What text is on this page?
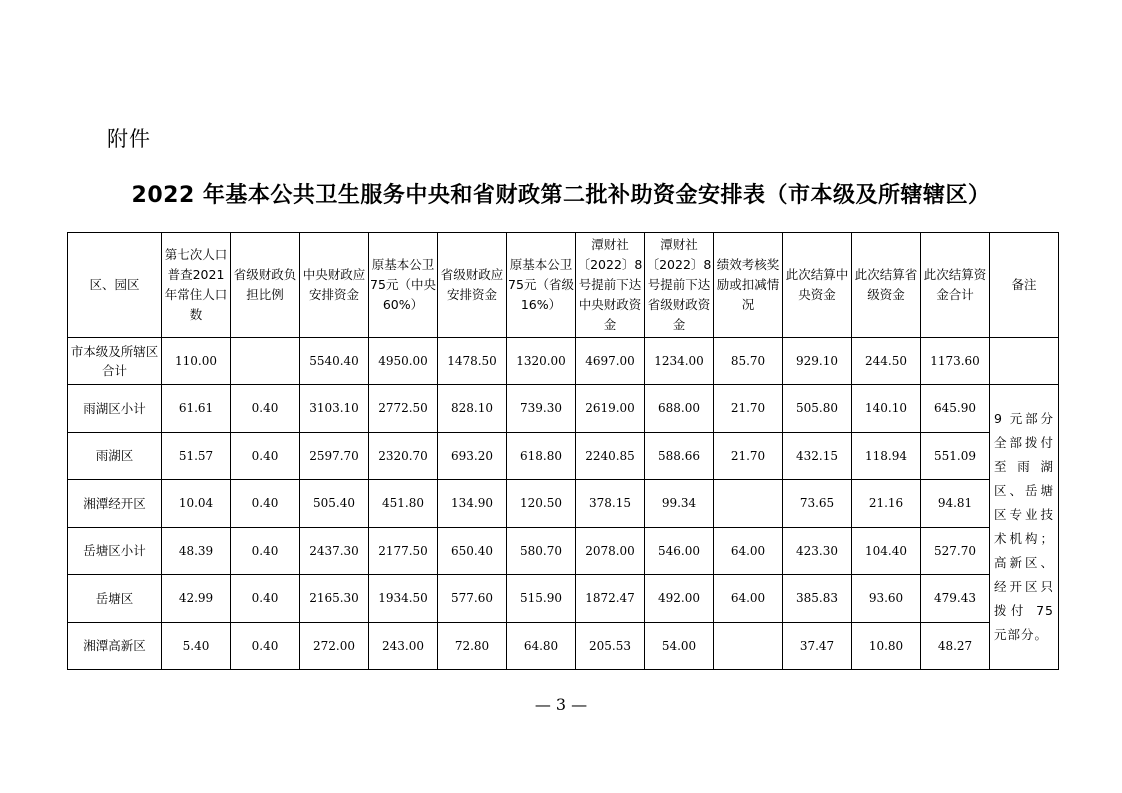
附件
2022 年基本公共卫生服务中央和省财政第二批补助资金安排表（市本级及所辖辖区）
区、园区	第七次人口普查2021年常住人口数	省级财政负担比例	中央财政应安排资金	原基本公卫75元（中央60%）	省级财政应安排资金	原基本公卫75元（省级16%）	潭财社〔2022〕8号提前下达中央财政资金	潭财社〔2022〕8号提前下达省级财政资金	绩效考核奖励或扣减情况	此次结算中央资金	此次结算省级资金	此次结算资金合计	备注
市本级及所辖区合计	110.00		5540.40	4950.00	1478.50	1320.00	4697.00	1234.00	85.70	929.10	244.50	1173.60	
雨湖区小计	61.61	0.40	3103.10	2772.50	828.10	739.30	2619.00	688.00	21.70	505.80	140.10	645.90	9 元部分全部拨付至雨湖区、岳塘区专业技术机构；高新区、经开区只拨付 75 元部分。
雨湖区	51.57	0.40	2597.70	2320.70	693.20	618.80	2240.85	588.66	21.70	432.15	118.94	551.09	
湘潭经开区	10.04	0.40	505.40	451.80	134.90	120.50	378.15	99.34		73.65	21.16	94.81	
岳塘区小计	48.39	0.40	2437.30	2177.50	650.40	580.70	2078.00	546.00	64.00	423.30	104.40	527.70	
岳塘区	42.99	0.40	2165.30	1934.50	577.60	515.90	1872.47	492.00	64.00	385.83	93.60	479.43	
湘潭高新区	5.40	0.40	272.00	243.00	72.80	64.80	205.53	54.00		37.47	10.80	48.27	
— 3 —
